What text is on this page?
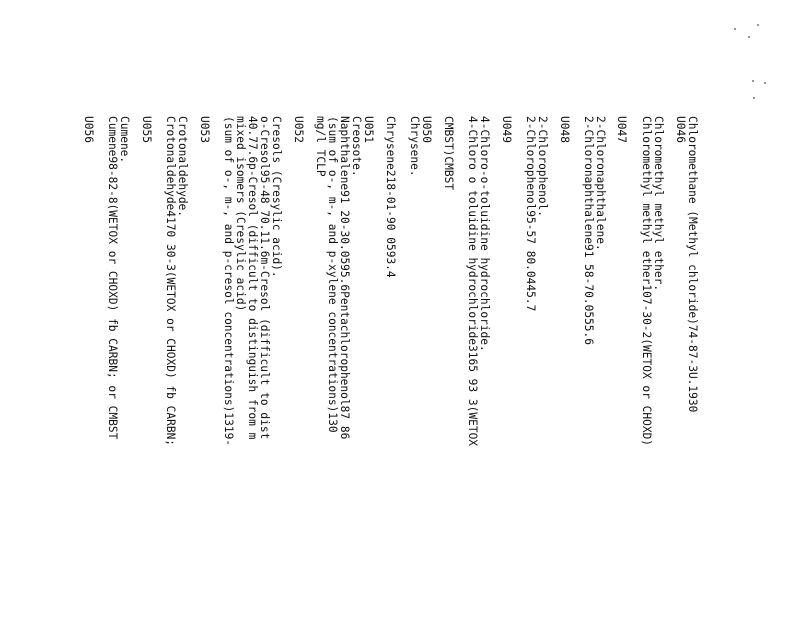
Chloromethane (Methyl chloride)74-87-3U.1930
U046
Chloromethyl methyl ether.
Chloromethyl methyl ether107-30-2(WETOX or CHOXD)
U047
2-Chloronaphthalene.
2-Chloronaphthalene91 58-70.0555.6
U048
2-Chlorophenol.
2-Chlorophenol95-57 80.0445.7
U049
4-Chloro-o-toluidine hydrochloride.
4-Chloro o toluidine hydrochloride3165 93 3(WETOX
CMBST)CMBST
U050
Chrysene.
Chrysene218-01-90 0593.4
U051
Creosote.
Naphthalene91 20-30.0595.6Pentachlorophenol87 86
(sum of o-, m-, and p-xylene concentrations)130
mg/l TCLP
U052
Cresols (Cresylic acid).
o-Cresol95-48 70.11.6m-Cresol (difficult to dist
40.77.6p-Cresol (difficult to distinguish from m
mixed isomers (Cresylic acid)
(sum of o-, m-, and p-cresol concentrations)1319-
U053
Crotonaldehyde.
Crotonaldehyde4170 30-3(WETOX or CHOXD) fb CARBN;
U055
Cumene.
Cumene98-82-8(WETOX or CHOXD) fb CARBN; or CMBST
U056
